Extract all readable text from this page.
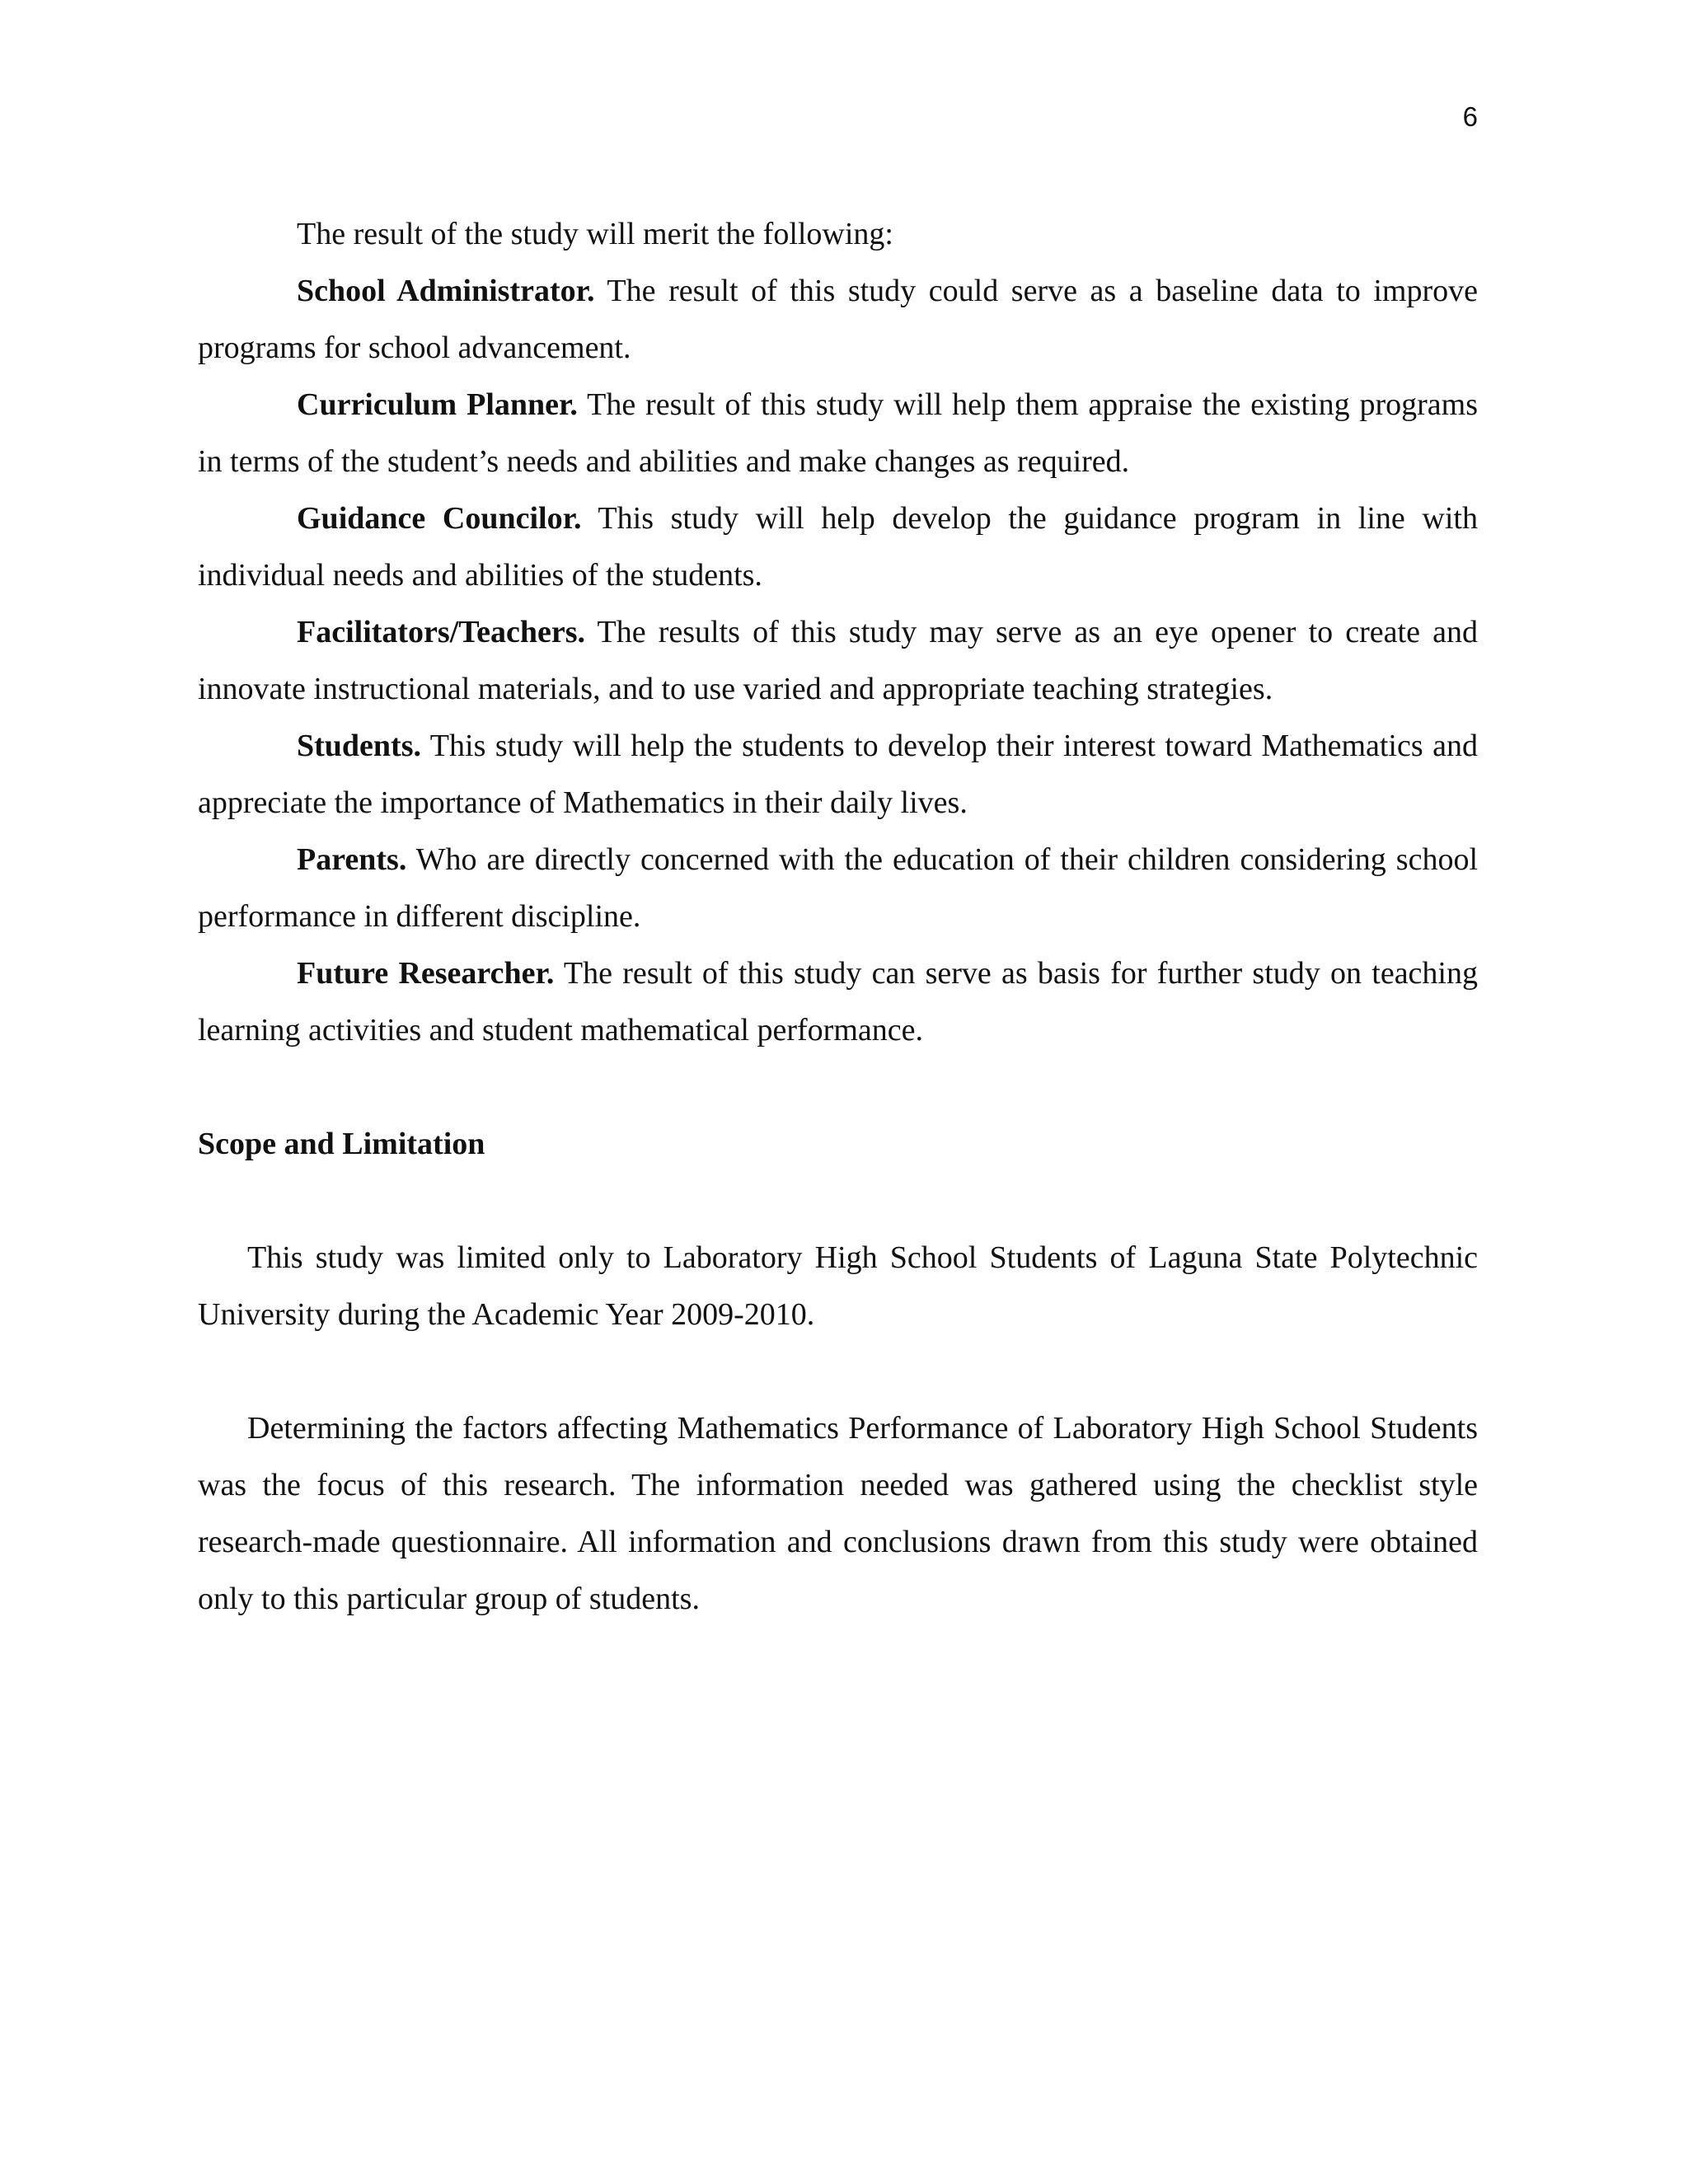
6

The result of the study will merit the following:

School Administrator. The result of this study could serve as a baseline data to improve programs for school advancement.

Curriculum Planner. The result of this study will help them appraise the existing programs in terms of the student’s needs and abilities and make changes as required.

Guidance Councilor. This study will help develop the guidance program in line with individual needs and abilities of the students.

Facilitators/Teachers. The results of this study may serve as an eye opener to create and innovate instructional materials, and to use varied and appropriate teaching strategies.

Students. This study will help the students to develop their interest toward Mathematics and appreciate the importance of Mathematics in their daily lives.

Parents. Who are directly concerned with the education of their children considering school performance in different discipline.

Future Researcher. The result of this study can serve as basis for further study on teaching learning activities and student mathematical performance.

Scope and Limitation

This study was limited only to Laboratory High School Students of Laguna State Polytechnic University during the Academic Year 2009-2010.

Determining the factors affecting Mathematics Performance of Laboratory High School Students was the focus of this research. The information needed was gathered using the checklist style research-made questionnaire. All information and conclusions drawn from this study were obtained only to this particular group of students.
